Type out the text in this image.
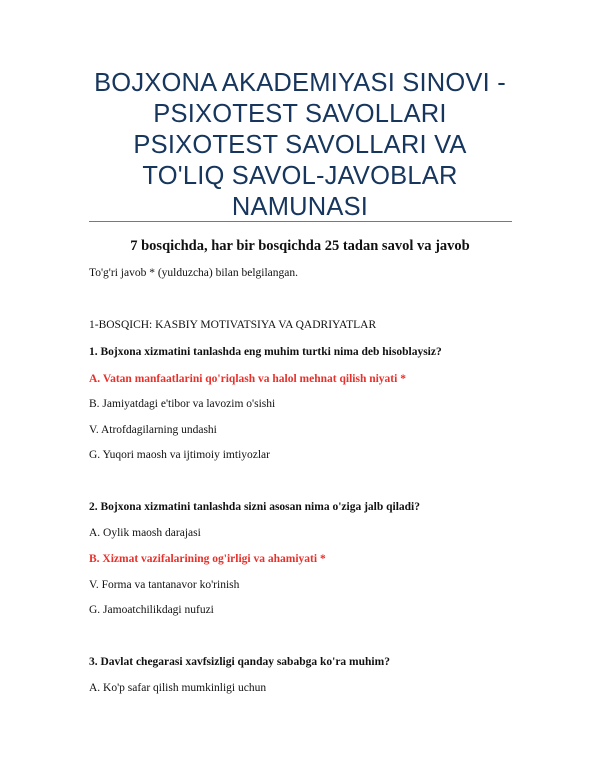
BOJXONA AKADEMIYASI SINOVI -
PSIXOTEST SAVOLLARI
PSIXOTEST SAVOLLARI VA
TO'LIQ SAVOL-JAVOBLAR
NAMUNASI
7 bosqichda, har bir bosqichda 25 tadan savol va javob
To'g'ri javob * (yulduzcha) bilan belgilangan.
1-BOSQICH: KASBIY MOTIVATSIYA VA QADRIYATLAR
1. Bojxona xizmatini tanlashda eng muhim turtki nima deb hisoblaysiz?
A. Vatan manfaatlarini qo'riqlash va halol mehnat qilish niyati *
B. Jamiyatdagi e'tibor va lavozim o'sishi
V. Atrofdagilarning undashi
G. Yuqori maosh va ijtimoiy imtiyozlar
2. Bojxona xizmatini tanlashda sizni asosan nima o'ziga jalb qiladi?
A. Oylik maosh darajasi
B. Xizmat vazifalarining og'irligi va ahamiyati *
V. Forma va tantanavor ko'rinish
G. Jamoatchilikdagi nufuzi
3. Davlat chegarasi xavfsizligi qanday sababga ko'ra muhim?
A. Ko'p safar qilish mumkinligi uchun
